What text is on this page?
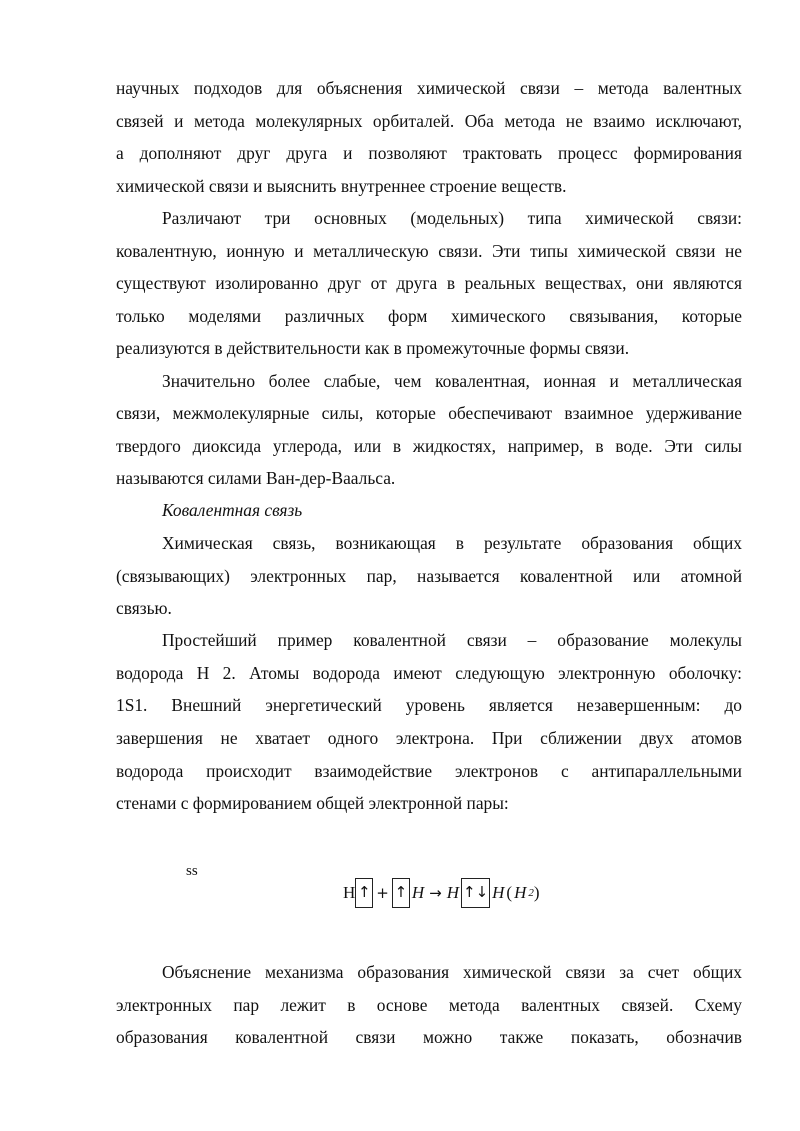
научных подходов для объяснения химической связи – метода валентных
связей и метода молекулярных орбиталей. Оба метода не взаимо исключают,
а дополняют друг друга и позволяют трактовать процесс формирования
химической связи и выяснить внутреннее строение веществ.
Различают три основных (модельных) типа химической связи:
ковалентную, ионную и металлическую связи. Эти типы химической связи не
существуют изолированно друг от друга в реальных веществах, они являются
только моделями различных форм химического связывания, которые
реализуются в действительности как в промежуточные формы связи.
Значительно более слабые, чем ковалентная, ионная и металлическая
связи, межмолекулярные силы, которые обеспечивают взаимное удерживание
твердого диоксида углерода, или в жидкостях, например, в воде. Эти силы
называются силами Ван-дер-Ваальса.
Ковалентная связь
Химическая связь, возникающая в результате образования общих
(связывающих) электронных пар, называется ковалентной или атомной
связью.
Простейший пример ковалентной связи – образование молекулы
водорода Н 2. Атомы водорода имеют следующую электронную оболочку:
1S1. Внешний энергетический уровень является незавершенным: до
завершения не хватает одного электрона. При сближении двух атомов
водорода происходит взаимодействие электронов с антипараллельными
стенами с формированием общей электронной пары:
ss
H ↑ + ↑ H → H ↑↓ H ( H 2 )
Объяснение механизма образования химической связи за счет общих
электронных пар лежит в основе метода валентных связей. Схему
образования ковалентной связи можно также показать, обозначив
